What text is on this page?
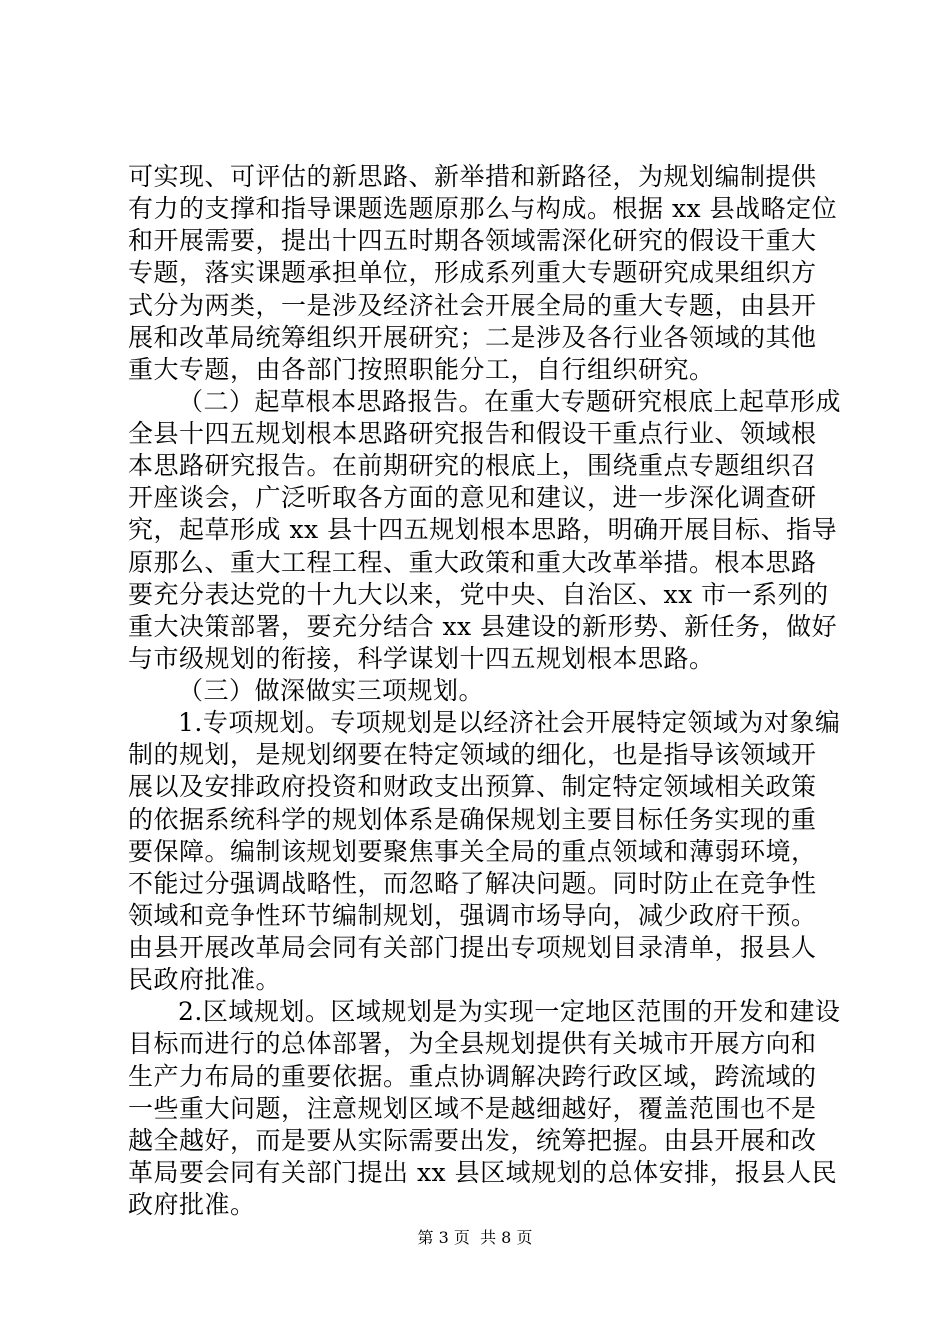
可实现、可评估的新思路、新举措和新路径，为规划编制提供
有力的支撑和指导课题选题原那么与构成。根据 xx 县战略定位
和开展需要，提出十四五时期各领域需深化研究的假设干重大
专题，落实课题承担单位，形成系列重大专题研究成果组织方
式分为两类，一是涉及经济社会开展全局的重大专题，由县开
展和改革局统筹组织开展研究；二是涉及各行业各领域的其他
重大专题，由各部门按照职能分工，自行组织研究。
（二）起草根本思路报告。在重大专题研究根底上起草形成
全县十四五规划根本思路研究报告和假设干重点行业、领域根
本思路研究报告。在前期研究的根底上，围绕重点专题组织召
开座谈会，广泛听取各方面的意见和建议，进一步深化调查研
究，起草形成 xx 县十四五规划根本思路，明确开展目标、指导
原那么、重大工程工程、重大政策和重大改革举措。根本思路
要充分表达党的十九大以来，党中央、自治区、xx 市一系列的
重大决策部署，要充分结合 xx 县建设的新形势、新任务，做好
与市级规划的衔接，科学谋划十四五规划根本思路。
（三）做深做实三项规划。
1.专项规划。专项规划是以经济社会开展特定领域为对象编
制的规划，是规划纲要在特定领域的细化，也是指导该领域开
展以及安排政府投资和财政支出预算、制定特定领域相关政策
的依据系统科学的规划体系是确保规划主要目标任务实现的重
要保障。编制该规划要聚焦事关全局的重点领域和薄弱环境，
不能过分强调战略性，而忽略了解决问题。同时防止在竞争性
领域和竞争性环节编制规划，强调市场导向，减少政府干预。
由县开展改革局会同有关部门提出专项规划目录清单，报县人
民政府批准。
2.区域规划。区域规划是为实现一定地区范围的开发和建设
目标而进行的总体部署，为全县规划提供有关城市开展方向和
生产力布局的重要依据。重点协调解决跨行政区域，跨流域的
一些重大问题，注意规划区域不是越细越好，覆盖范围也不是
越全越好，而是要从实际需要出发，统筹把握。由县开展和改
革局要会同有关部门提出 xx 县区域规划的总体安排，报县人民
政府批准。
第 3 页  共 8 页
